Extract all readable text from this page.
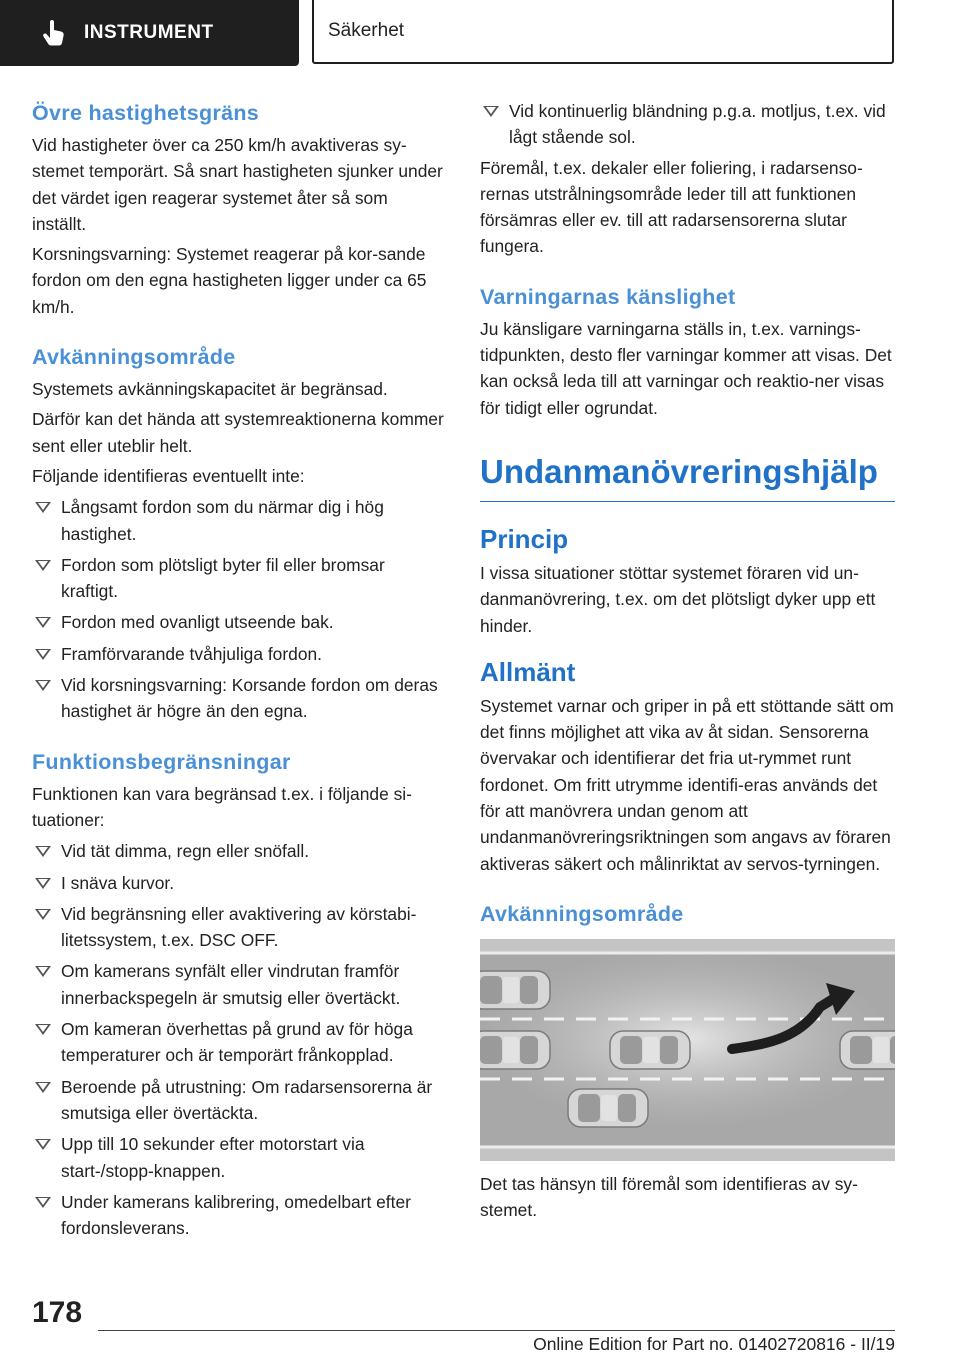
INSTRUMENT	Säkerhet
Övre hastighetsgräns

Vid hastigheter över ca 250 km/h avaktiveras sy-stemet temporärt. Så snart hastigheten sjunker under det värdet igen reagerar systemet åter så som inställt.

Korsningsvarning: Systemet reagerar på kor-sande fordon om den egna hastigheten ligger under ca 65 km/h.

Avkänningsområde

Systemets avkänningskapacitet är begränsad.

Därför kan det hända att systemreaktionerna kommer sent eller uteblir helt.

Följande identifieras eventuellt inte:

Långsamt fordon som du närmar dig i hög hastighet.
Fordon som plötsligt byter fil eller bromsar kraftigt.
Fordon med ovanligt utseende bak.
Framförvarande tvåhjuliga fordon.
Vid korsningsvarning: Korsande fordon om deras hastighet är högre än den egna.
Funktionsbegränsningar

Funktionen kan vara begränsad t.ex. i följande si-tuationer:

Vid tät dimma, regn eller snöfall.
I snäva kurvor.
Vid begränsning eller avaktivering av körstabi-litetssystem, t.ex. DSC OFF.
Om kamerans synfält eller vindrutan framför innerbackspegeln är smutsig eller övertäckt.
Om kameran överhettas på grund av för höga temperaturer och är temporärt frånkopplad.
Beroende på utrustning: Om radarsensorerna är smutsiga eller övertäckta.
Upp till 10 sekunder efter motorstart via start-/stopp-knappen.
Under kamerans kalibrering, omedelbart efter fordonsleverans.
Vid kontinuerlig bländning p.g.a. motljus, t.ex. vid lågt stående sol.

Föremål, t.ex. dekaler eller foliering, i radarsenso-rernas utstrålningsområde leder till att funktionen försämras eller ev. till att radarsensorerna slutar fungera.

Varningarnas känslighet

Ju känsligare varningarna ställs in, t.ex. varnings-tidpunkten, desto fler varningar kommer att visas. Det kan också leda till att varningar och reaktio-ner visas för tidigt eller ogrundat.

Undanmanövreringshjälp
Princip

I vissa situationer stöttar systemet föraren vid un-danmanövrering, t.ex. om det plötsligt dyker upp ett hinder.

Allmänt

Systemet varnar och griper in på ett stöttande sätt om det finns möjlighet att vika av åt sidan. Sensorerna övervakar och identifierar det fria ut-rymmet runt fordonet. Om fritt utrymme identifi-eras används det för att manövrera undan genom att undanmanövreringsriktningen som angavs av föraren aktiveras säkert och målinriktat av servos-tyrningen.

Avkänningsområde

Det tas hänsyn till föremål som identifieras av sy-stemet.

178
Online Edition for Part no. 01402720816 - II/19
